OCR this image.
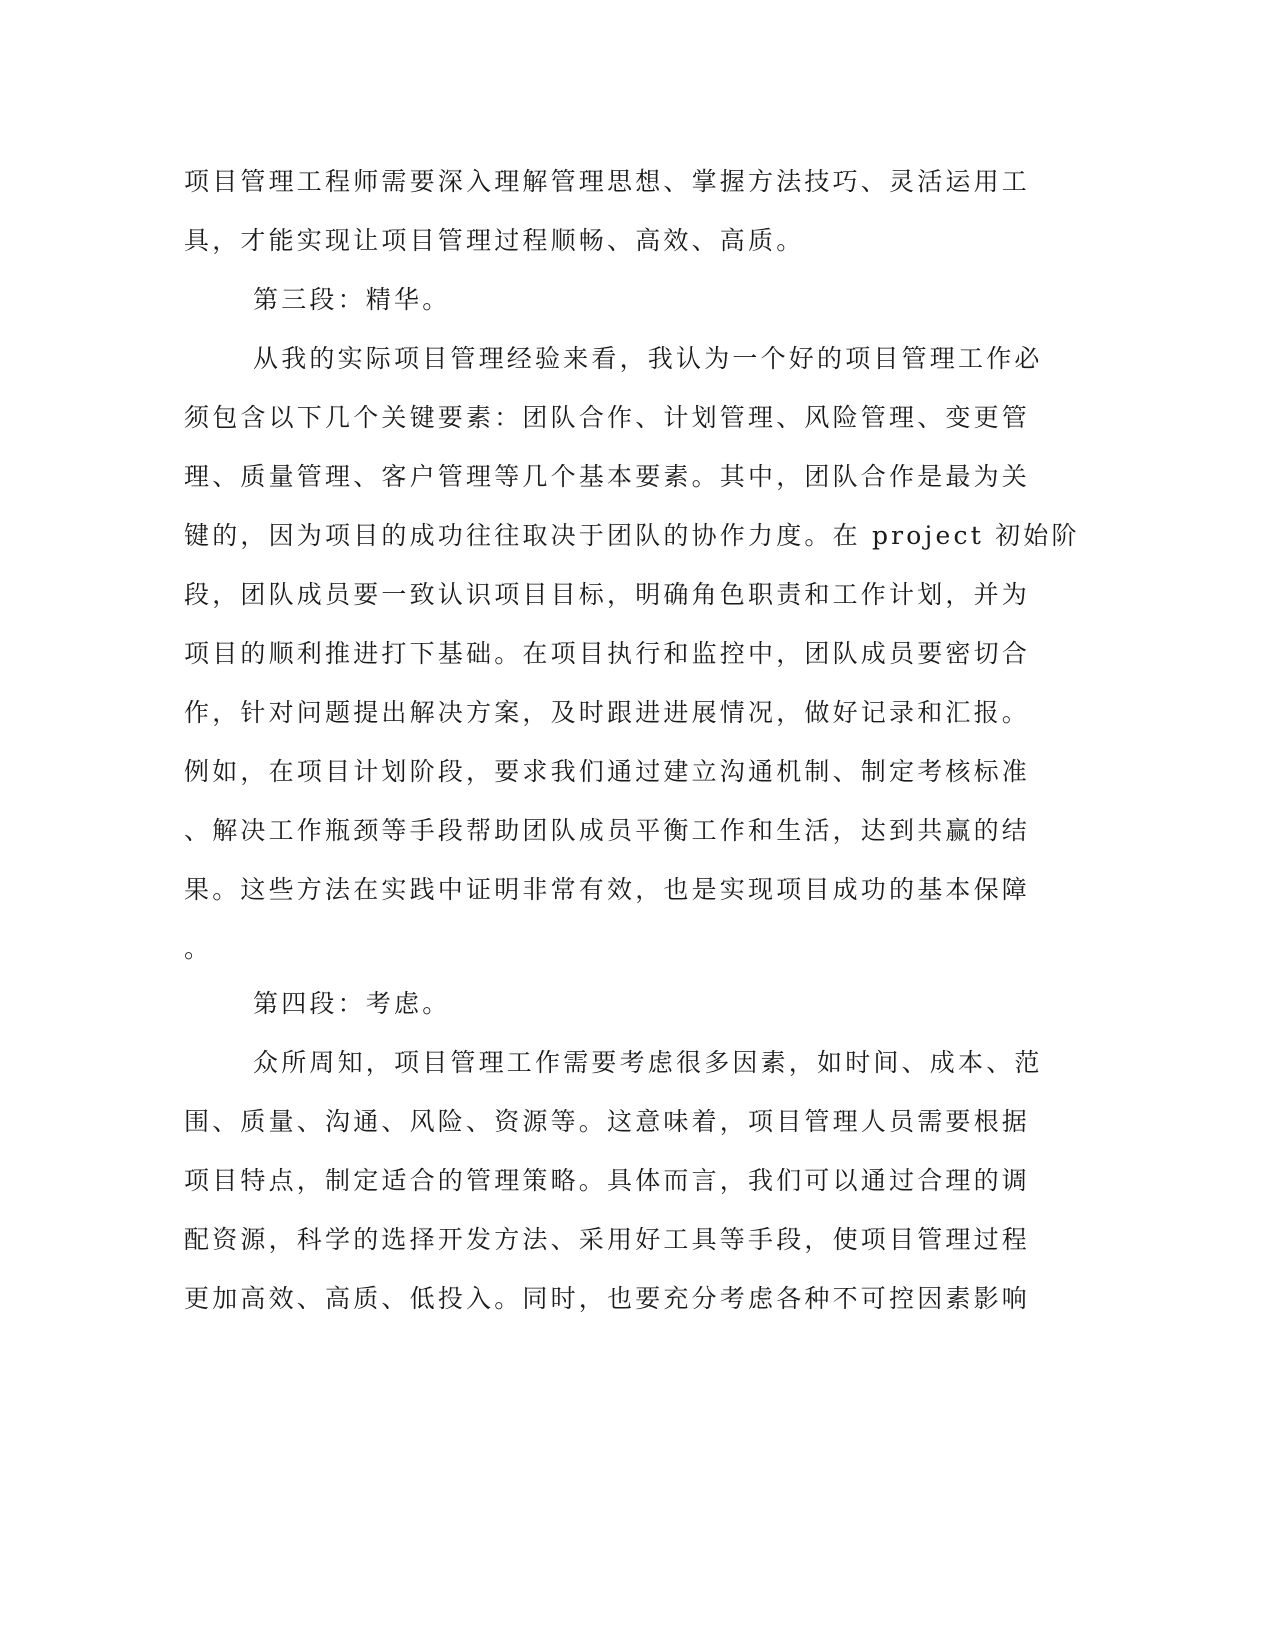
项目管理工程师需要深入理解管理思想、掌握方法技巧、灵活运用工
具，才能实现让项目管理过程顺畅、高效、高质。
第三段：精华。
从我的实际项目管理经验来看，我认为一个好的项目管理工作必
须包含以下几个关键要素：团队合作、计划管理、风险管理、变更管
理、质量管理、客户管理等几个基本要素。其中，团队合作是最为关
键的，因为项目的成功往往取决于团队的协作力度。在 project 初始阶
段，团队成员要一致认识项目目标，明确角色职责和工作计划，并为
项目的顺利推进打下基础。在项目执行和监控中，团队成员要密切合
作，针对问题提出解决方案，及时跟进进展情况，做好记录和汇报。
例如，在项目计划阶段，要求我们通过建立沟通机制、制定考核标准
、解决工作瓶颈等手段帮助团队成员平衡工作和生活，达到共赢的结
果。这些方法在实践中证明非常有效，也是实现项目成功的基本保障
。
第四段：考虑。
众所周知，项目管理工作需要考虑很多因素，如时间、成本、范
围、质量、沟通、风险、资源等。这意味着，项目管理人员需要根据
项目特点，制定适合的管理策略。具体而言，我们可以通过合理的调
配资源，科学的选择开发方法、采用好工具等手段，使项目管理过程
更加高效、高质、低投入。同时，也要充分考虑各种不可控因素影响
